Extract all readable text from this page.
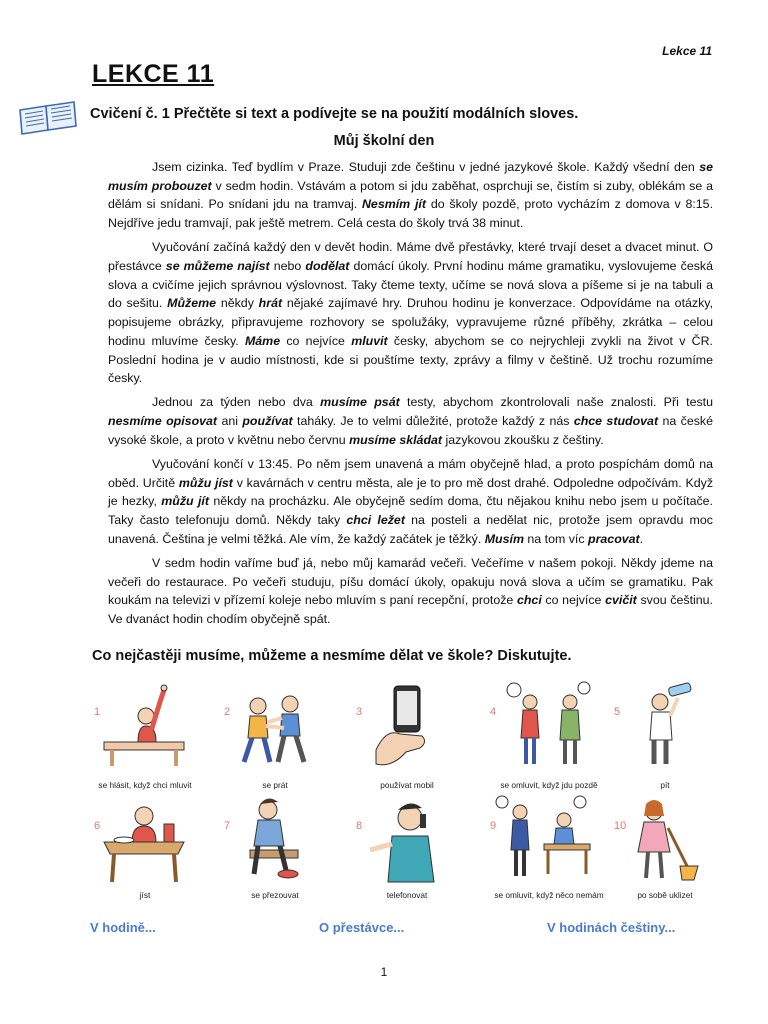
Lekce 11
LEKCE 11
Cvičení č. 1 Přečtěte si text a podívejte se na použití modálních sloves.
Můj školní den

Jsem cizinka. Teď bydlím v Praze. Studuji zde češtinu v jedné jazykové škole. Každý všední den se musím probouzet v sedm hodin. Vstávám a potom si jdu zaběhat, osprchuji se, čistím si zuby, oblékám se a dělám si snídani. Po snídani jdu na tramvaj. Nesmím jít do školy pozdě, proto vycházím z domova v 8:15. Nejdříve jedu tramvají, pak ještě metrem. Celá cesta do školy trvá 38 minut.

Vyučování začíná každý den v devět hodin. Máme dvě přestávky, které trvají deset a dvacet minut. O přestávce se můžeme najíst nebo dodělat domácí úkoly. První hodinu máme gramatiku, vyslovujeme česká slova a cvičíme jejich správnou výslovnost. Taky čteme texty, učíme se nová slova a píšeme si je na tabuli a do sešitu. Můžeme někdy hrát nějaké zajímavé hry. Druhou hodinu je konverzace. Odpovídáme na otázky, popisujeme obrázky, připravujeme rozhovory se spolužáky, vypravujeme různé příběhy, zkrátka – celou hodinu mluvíme česky. Máme co nejvíce mluvit česky, abychom se co nejrychleji zvykli na život v ČR. Poslední hodina je v audio místnosti, kde si pouštíme texty, zprávy a filmy v češtině. Už trochu rozumíme česky.

Jednou za týden nebo dva musíme psát testy, abychom zkontrolovali naše znalosti. Při testu nesmíme opisovat ani používat taháky. Je to velmi důležité, protože každý z nás chce studovat na české vysoké škole, a proto v květnu nebo červnu musíme skládat jazykovou zkoušku z češtiny.

Vyučování končí v 13:45. Po něm jsem unavená a mám obyčejně hlad, a proto pospíchám domů na oběd. Určitě můžu jíst v kavárnách v centru města, ale je to pro mě dost drahé. Odpoledne odpočívám. Když je hezky, můžu jít někdy na procházku. Ale obyčejně sedím doma, čtu nějakou knihu nebo jsem u počítače. Taky často telefonuju domů. Někdy taky chci ležet na posteli a nedělat nic, protože jsem opravdu moc unavená. Čeština je velmi těžká. Ale vím, že každý začátek je těžký. Musím na tom víc pracovat.

V sedm hodin vaříme buď já, nebo můj kamarád večeři. Večeříme v našem pokoji. Někdy jdeme na večeři do restaurace. Po večeři studuju, píšu domácí úkoly, opakuju nová slova a učím se gramatiku. Pak koukám na televizi v přízemí koleje nebo mluvím s paní recepční, protože chci co nejvíce cvičit svou češtinu. Ve dvanáct hodin chodím obyčejně spát.

Co nejčastěji musíme, můžeme a nesmíme dělat ve škole? Diskutujte.
1
se hlásit, když chci mluvit
2
se prát
3
používat mobil
4
se omluvit, když jdu pozdě
5
pít
6
jíst
7
se přezouvat
8
telefonovat
9
se omluvit, když něco nemám
10
po sobě uklizet
V hodině...	O přestávce...	V hodinách češtiny...
1
